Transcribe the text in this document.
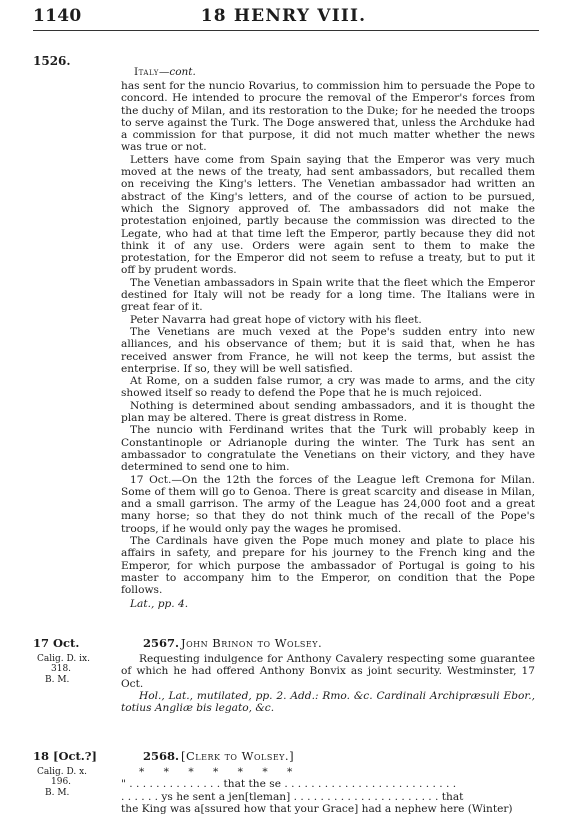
1140	18 HENRY VIII.
1526.
Italy—cont.

has sent for the nuncio Rovarius, to commission him to persuade the Pope to concord. He intended to procure the removal of the Emperor's forces from the duchy of Milan, and its restoration to the Duke; for he needed the troops to serve against the Turk. The Doge answered that, unless the Archduke had a commission for that purpose, it did not much matter whether the news was true or not.

Letters have come from Spain saying that the Emperor was very much moved at the news of the treaty, had sent ambassadors, but recalled them on receiving the King's letters. The Venetian ambassador had written an abstract of the King's letters, and of the course of action to be pursued, which the Signory approved of. The ambassadors did not make the protestation enjoined, partly because the commission was directed to the Legate, who had at that time left the Emperor, partly because they did not think it of any use. Orders were again sent to them to make the protestation, for the Emperor did not seem to refuse a treaty, but to put it off by prudent words.

The Venetian ambassadors in Spain write that the fleet which the Emperor destined for Italy will not be ready for a long time. The Italians were in great fear of it.

Peter Navarra had great hope of victory with his fleet.

The Venetians are much vexed at the Pope's sudden entry into new alliances, and his observance of them; but it is said that, when he has received answer from France, he will not keep the terms, but assist the enterprise. If so, they will be well satisfied.

At Rome, on a sudden false rumor, a cry was made to arms, and the city showed itself so ready to defend the Pope that he is much rejoiced.

Nothing is determined about sending ambassadors, and it is thought the plan may be altered. There is great distress in Rome.

The nuncio with Ferdinand writes that the Turk will probably keep in Constantinople or Adrianople during the winter. The Turk has sent an ambassador to congratulate the Venetians on their victory, and they have determined to send one to him.

17 Oct.—On the 12th the forces of the League left Cremona for Milan. Some of them will go to Genoa. There is great scarcity and disease in Milan, and a small garrison. The army of the League has 24,000 foot and a great many horse; so that they do not think much of the recall of the Pope's troops, if he would only pay the wages he promised.

The Cardinals have given the Pope much money and plate to place his affairs in safety, and prepare for his journey to the French king and the Emperor, for which purpose the ambassador of Portugal is going to his master to accompany him to the Emperor, on condition that the Pope follows.

Lat., pp. 4.

17 Oct.	2567. John Brinon to Wolsey.
Calig. D. ix.
318.
B. M.

Requesting indulgence for Anthony Cavalery respecting some guarantee of which he had offered Anthony Bonvix as joint security. Westminster, 17 Oct.

Hol., Lat., mutilated, pp. 2. Add.: Rmo. &c. Cardinali Archipræsuli Ebor., totius Angliæ bis legato, &c.

18 [Oct.?]	2568. [Clerk to Wolsey.]
Calig. D. x.
196.
B. M.

* * * * * * *

" . . . . . . . . . . . . . . that the se . . . . . . . . . . . . . . . . . . . . . . . . . .

. . . . . . ys he sent a jen[tleman] . . . . . . . . . . . . . . . . . . . . . . that

the King was a[ssured how that your Grace] had a nephew here (Winter)
